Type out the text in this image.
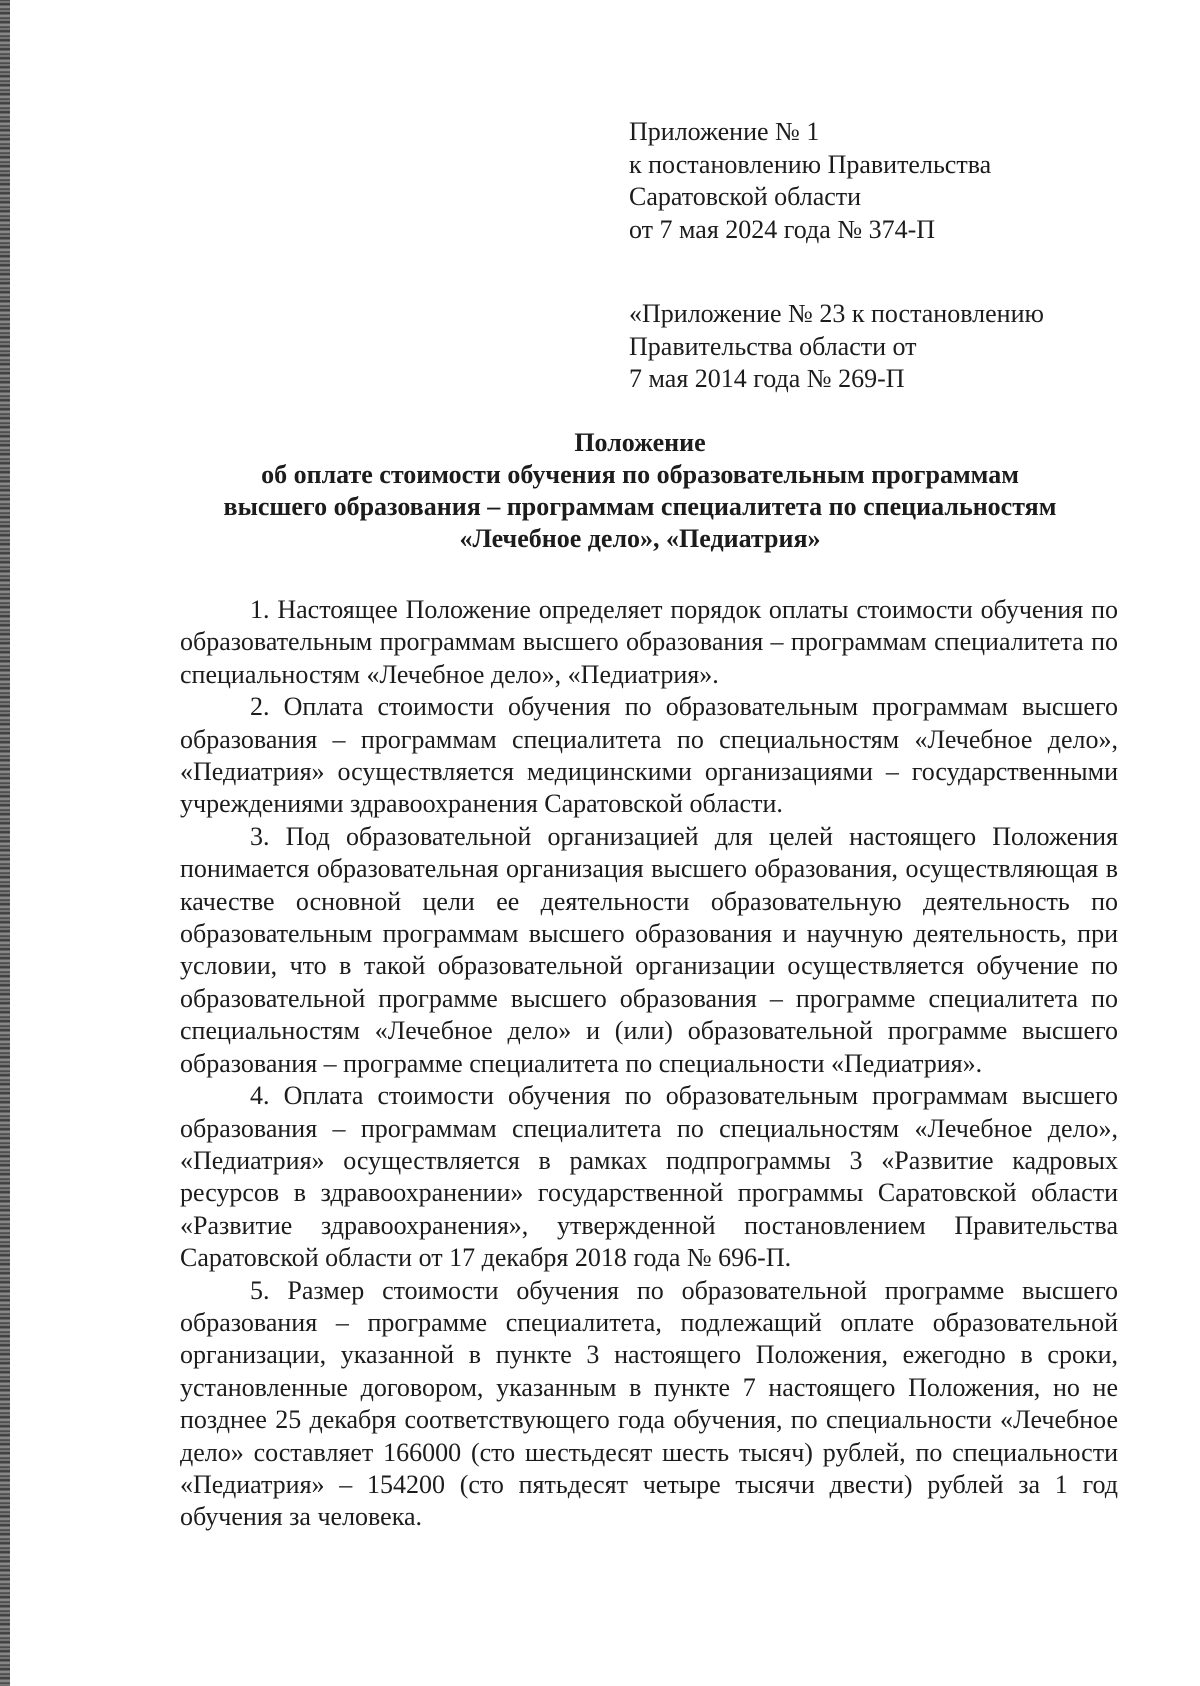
Приложение № 1
к постановлению Правительства
Саратовской области
от 7 мая 2024 года № 374-П
«Приложение № 23 к постановлению
Правительства области от
7 мая 2014 года № 269-П
Положение
об оплате стоимости обучения по образовательным программам
высшего образования – программам специалитета по специальностям
«Лечебное дело», «Педиатрия»

1. Настоящее Положение определяет порядок оплаты стоимости обучения по образовательным программам высшего образования – программам специалитета по специальностям «Лечебное дело», «Педиатрия».

2. Оплата стоимости обучения по образовательным программам высшего образования – программам специалитета по специальностям «Лечебное дело», «Педиатрия» осуществляется медицинскими организациями – государственными учреждениями здравоохранения Саратовской области.

3. Под образовательной организацией для целей настоящего Положения понимается образовательная организация высшего образования, осуществляющая в качестве основной цели ее деятельности образовательную деятельность по образовательным программам высшего образования и научную деятельность, при условии, что в такой образовательной организации осуществляется обучение по образовательной программе высшего образования – программе специалитета по специальностям «Лечебное дело» и (или) образовательной программе высшего образования – программе специалитета по специальности «Педиатрия».

4. Оплата стоимости обучения по образовательным программам высшего образования – программам специалитета по специальностям «Лечебное дело», «Педиатрия» осуществляется в рамках подпрограммы 3 «Развитие кадровых ресурсов в здравоохранении» государственной программы Саратовской области «Развитие здравоохранения», утвержденной постановлением Правительства Саратовской области от 17 декабря 2018 года № 696-П.

5. Размер стоимости обучения по образовательной программе высшего образования – программе специалитета, подлежащий оплате образовательной организации, указанной в пункте 3 настоящего Положения, ежегодно в сроки, установленные договором, указанным в пункте 7 настоящего Положения, но не позднее 25 декабря соответствующего года обучения, по специальности «Лечебное дело» составляет 166000 (сто шестьдесят шесть тысяч) рублей, по специальности «Педиатрия» – 154200 (сто пятьдесят четыре тысячи двести) рублей за 1 год обучения за человека.
